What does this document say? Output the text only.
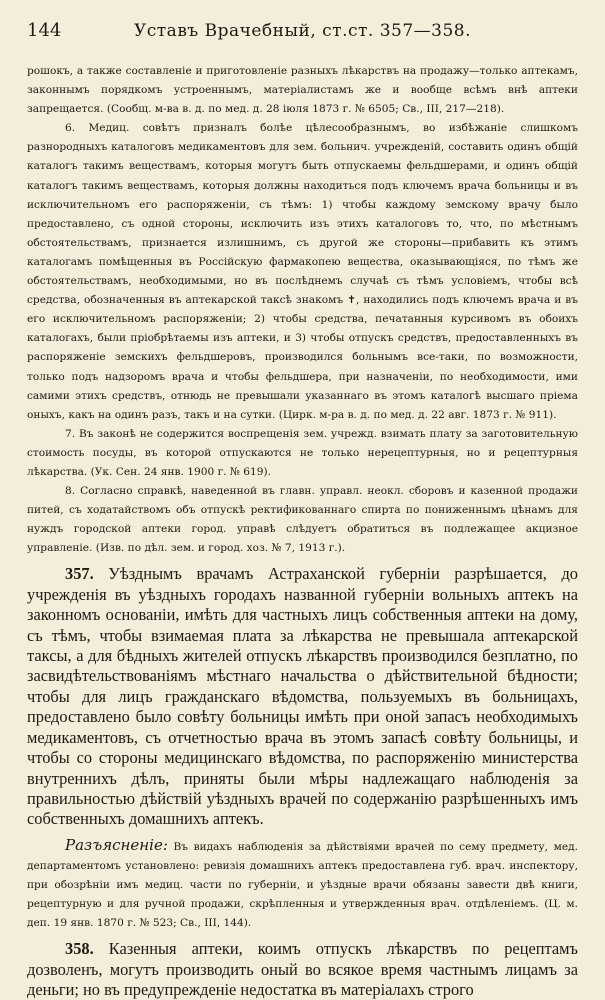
144	Уставъ Врачебный, ст.ст. 357—358.

рошокъ, а также составленіе и приготовленіе разныхъ лѣкарствъ на продажу—только аптекамъ, законнымъ порядкомъ устроеннымъ, матеріалистамъ же и вообще всѣмъ внѣ аптеки запрещается. (Сообщ. м-ва в. д. по мед. д. 28 іюля 1873 г. № 6505; Св., III, 217—218).

6. Медиц. совѣтъ призналъ болѣе цѣлесообразнымъ, во избѣжаніе слишкомъ разнородныхъ каталоговъ медикаментовъ для зем. больнич. учрежденій, составить одинъ общій каталогъ такимъ веществамъ, которыя могутъ быть отпускаемы фельдшерами, и одинъ общій каталогъ такимъ веществамъ, которыя должны находиться подъ ключемъ врача больницы и въ исключительномъ его распоряженіи, съ тѣмъ: 1) чтобы каждому земскому врачу было предоставлено, съ одной стороны, исключить изъ этихъ каталоговъ то, что, по мѣстнымъ обстоятельствамъ, признается излишнимъ, съ другой же стороны—прибавить къ этимъ каталогамъ помѣщенныя въ Россійскую фармакопею вещества, оказывающіяся, по тѣмъ же обстоятельствамъ, необходимыми, но въ послѣднемъ случаѣ съ тѣмъ условіемъ, чтобы всѣ средства, обозначенныя въ аптекарской таксѣ знакомъ ✝, находились подъ ключемъ врача и въ его исключительномъ распоряженіи; 2) чтобы средства, печатанныя курсивомъ въ обоихъ каталогахъ, были пріобрѣтаемы изъ аптеки, и 3) чтобы отпускъ средствъ, предоставленныхъ въ распоряженіе земскихъ фельдшеровъ, производился больнымъ все-таки, по возможности, только подъ надзоромъ врача и чтобы фельдшера, при назначеніи, по необходимости, ими самими этихъ средствъ, отнюдь не превышали указаннаго въ этомъ каталогѣ высшаго пріема оныхъ, какъ на одинъ разъ, такъ и на сутки. (Цирк. м-ра в. д. по мед. д. 22 авг. 1873 г. № 911).

7. Въ законѣ не содержится воспрещенія зем. учрежд. взимать плату за заготовительную стоимость посуды, въ которой отпускаются не только нерецептурныя, но и рецептурныя лѣкарства. (Ук. Сен. 24 янв. 1900 г. № 619).

8. Согласно справкѣ, наведенной въ главн. управл. неокл. сборовъ и казенной продажи питей, съ ходатайствомъ объ отпускѣ ректификованнаго спирта по пониженнымъ цѣнамъ для нуждъ городской аптеки город. управѣ слѣдуетъ обратиться въ подлежащее акцизное управленіе. (Изв. по дѣл. зем. и город. хоз. № 7, 1913 г.).

357. Уѣзднымъ врачамъ Астраханской губерніи разрѣшается, до учрежденія въ уѣздныхъ городахъ названной губерніи вольныхъ аптекъ на законномъ основаніи, имѣть для частныхъ лицъ собственныя аптеки на дому, съ тѣмъ, чтобы взимаемая плата за лѣкарства не превышала аптекарской таксы, а для бѣдныхъ жителей отпускъ лѣкарствъ производился безплатно, по засвидѣтельствованіямъ мѣстнаго начальства о дѣйствительной бѣдности; чтобы для лицъ гражданскаго вѣдомства, пользуемыхъ въ больницахъ, предоставлено было совѣту больницы имѣть при оной запасъ необходимыхъ медикаментовъ, съ отчетностью врача въ этомъ запасѣ совѣту больницы, и чтобы со стороны медицинскаго вѣдомства, по распоряженію министерства внутреннихъ дѣлъ, приняты были мѣры надлежащаго наблюденія за правильностью дѣйствій уѣздныхъ врачей по содержанію разрѣшенныхъ имъ собственныхъ домашнихъ аптекъ.

Разъясненіе: Въ видахъ наблюденія за дѣйствіями врачей по сему предмету, мед. департаментомъ установлено: ревизія домашнихъ аптекъ предоставлена губ. врач. инспектору, при обозрѣніи имъ медиц. части по губерніи, и уѣздные врачи обязаны завести двѣ книги, рецептурную и для ручной продажи, скрѣпленныя и утвержденныя врач. отдѣленіемъ. (Ц. м. деп. 19 янв. 1870 г. № 523; Св., III, 144).

358. Казенныя аптеки, коимъ отпускъ лѣкарствъ по рецептамъ дозволенъ, могутъ производить оный во всякое время частнымъ лицамъ за деньги; но въ предупрежденіе недостатка въ матеріалахъ строго
